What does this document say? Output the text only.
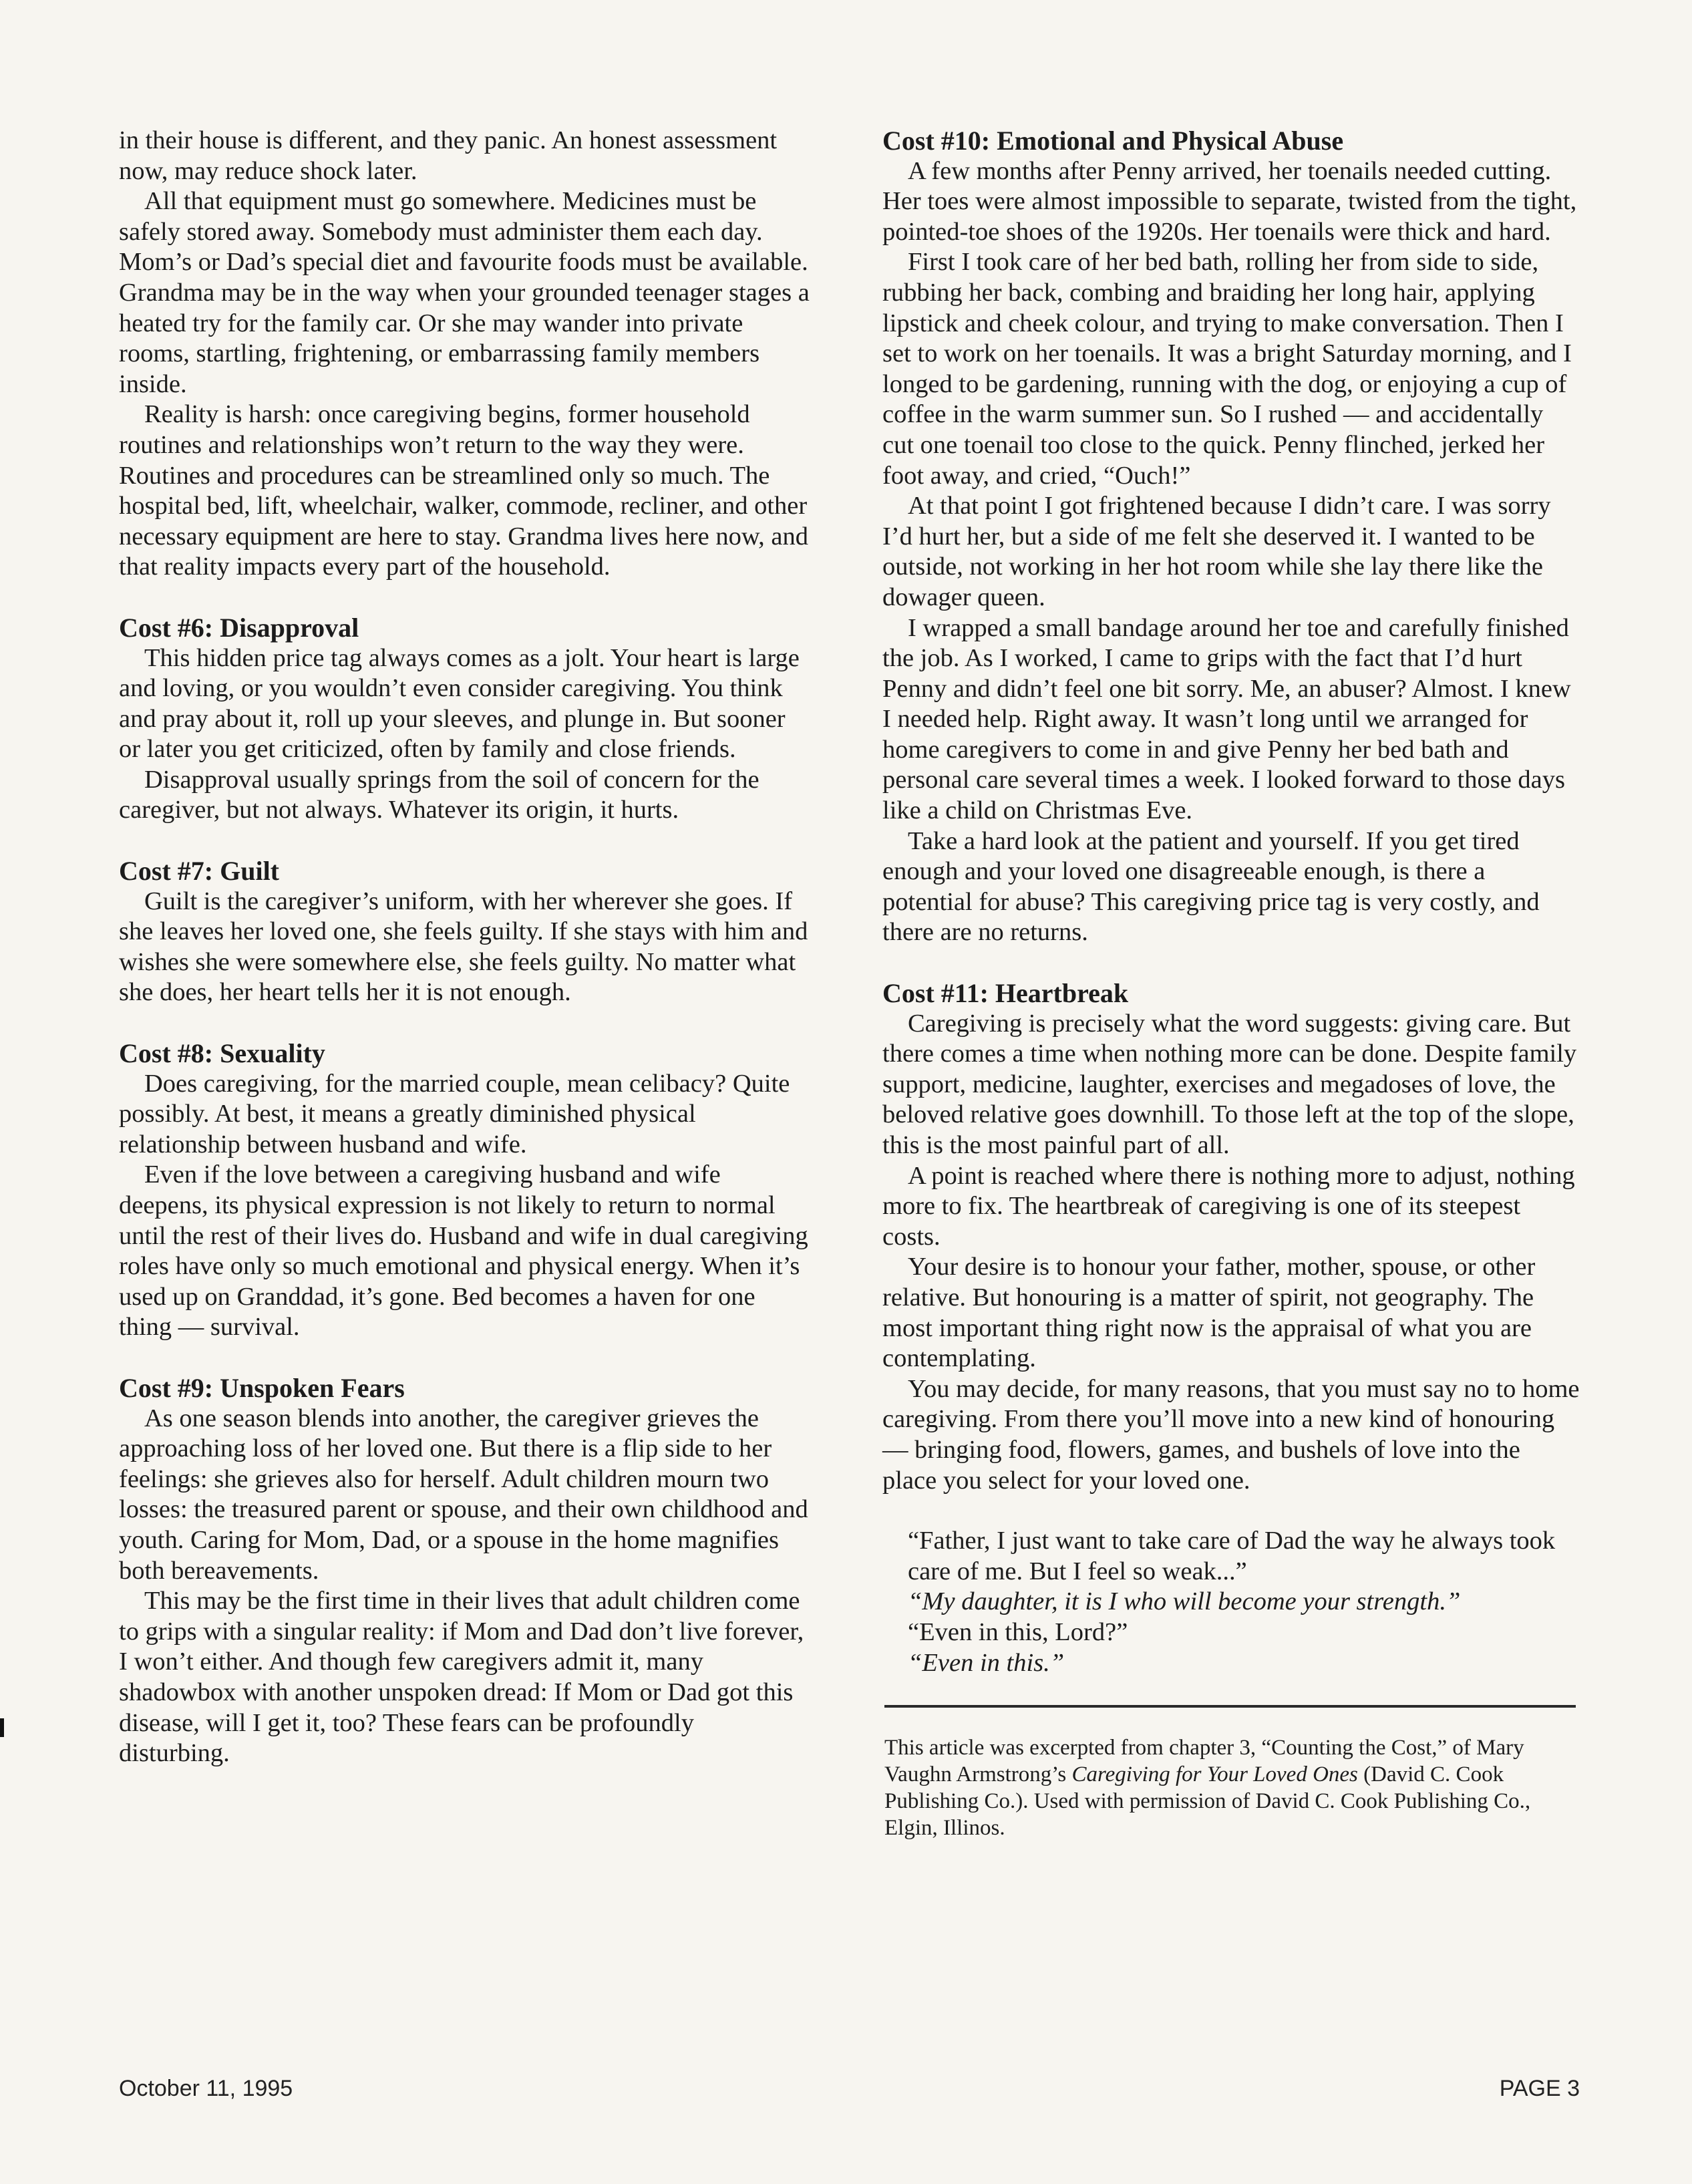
in their house is different, and they panic. An honest assessment now, may reduce shock later.

All that equipment must go somewhere. Medicines must be safely stored away. Somebody must administer them each day. Mom’s or Dad’s special diet and favourite foods must be available. Grandma may be in the way when your grounded teenager stages a heated try for the family car. Or she may wander into private rooms, startling, frightening, or embarrassing family members inside.

Reality is harsh: once caregiving begins, former household routines and relationships won’t return to the way they were. Routines and procedures can be streamlined only so much. The hospital bed, lift, wheelchair, walker, commode, recliner, and other necessary equipment are here to stay. Grandma lives here now, and that reality impacts every part of the household.

Cost #6: Disapproval

This hidden price tag always comes as a jolt. Your heart is large and loving, or you wouldn’t even consider caregiving. You think and pray about it, roll up your sleeves, and plunge in. But sooner or later you get criticized, often by family and close friends.

Disapproval usually springs from the soil of concern for the caregiver, but not always. Whatever its origin, it hurts.

Cost #7: Guilt

Guilt is the caregiver’s uniform, with her wherever she goes. If she leaves her loved one, she feels guilty. If she stays with him and wishes she were somewhere else, she feels guilty. No matter what she does, her heart tells her it is not enough.

Cost #8: Sexuality

Does caregiving, for the married couple, mean celibacy? Quite possibly. At best, it means a greatly diminished physical relationship between husband and wife.

Even if the love between a caregiving husband and wife deepens, its physical expression is not likely to return to normal until the rest of their lives do. Husband and wife in dual caregiving roles have only so much emotional and physical energy. When it’s used up on Granddad, it’s gone. Bed becomes a haven for one thing — survival.

Cost #9: Unspoken Fears

As one season blends into another, the caregiver grieves the approaching loss of her loved one. But there is a flip side to her feelings: she grieves also for herself. Adult children mourn two losses: the treasured parent or spouse, and their own childhood and youth. Caring for Mom, Dad, or a spouse in the home magnifies both bereavements.

This may be the first time in their lives that adult children come to grips with a singular reality: if Mom and Dad don’t live forever, I won’t either. And though few caregivers admit it, many shadowbox with another unspoken dread: If Mom or Dad got this disease, will I get it, too? These fears can be profoundly disturbing.

Cost #10: Emotional and Physical Abuse

A few months after Penny arrived, her toenails needed cutting. Her toes were almost impossible to separate, twisted from the tight, pointed-toe shoes of the 1920s. Her toenails were thick and hard.

First I took care of her bed bath, rolling her from side to side, rubbing her back, combing and braiding her long hair, applying lipstick and cheek colour, and trying to make conversation. Then I set to work on her toenails. It was a bright Saturday morning, and I longed to be gardening, running with the dog, or enjoying a cup of coffee in the warm summer sun. So I rushed — and accidentally cut one toenail too close to the quick. Penny flinched, jerked her foot away, and cried, “Ouch!”

At that point I got frightened because I didn’t care. I was sorry I’d hurt her, but a side of me felt she deserved it. I wanted to be outside, not working in her hot room while she lay there like the dowager queen.

I wrapped a small bandage around her toe and carefully finished the job. As I worked, I came to grips with the fact that I’d hurt Penny and didn’t feel one bit sorry. Me, an abuser? Almost. I knew I needed help. Right away. It wasn’t long until we arranged for home caregivers to come in and give Penny her bed bath and personal care several times a week. I looked forward to those days like a child on Christmas Eve.

Take a hard look at the patient and yourself. If you get tired enough and your loved one disagreeable enough, is there a potential for abuse? This caregiving price tag is very costly, and there are no returns.

Cost #11: Heartbreak

Caregiving is precisely what the word suggests: giving care. But there comes a time when nothing more can be done. Despite family support, medicine, laughter, exercises and megadoses of love, the beloved relative goes downhill. To those left at the top of the slope, this is the most painful part of all.

A point is reached where there is nothing more to adjust, nothing more to fix. The heartbreak of caregiving is one of its steepest costs.

Your desire is to honour your father, mother, spouse, or other relative. But honouring is a matter of spirit, not geography. The most important thing right now is the appraisal of what you are contemplating.

You may decide, for many reasons, that you must say no to home caregiving. From there you’ll move into a new kind of honouring — bringing food, flowers, games, and bushels of love into the place you select for your loved one.

“Father, I just want to take care of Dad the way he always took care of me. But I feel so weak...”

“My daughter, it is I who will become your strength.”

“Even in this, Lord?”

“Even in this.”

This article was excerpted from chapter 3, “Counting the Cost,” of Mary Vaughn Armstrong’s Caregiving for Your Loved Ones (David C. Cook Publishing Co.). Used with permission of David C. Cook Publishing Co., Elgin, Illinos.
October 11, 1995	PAGE 3
